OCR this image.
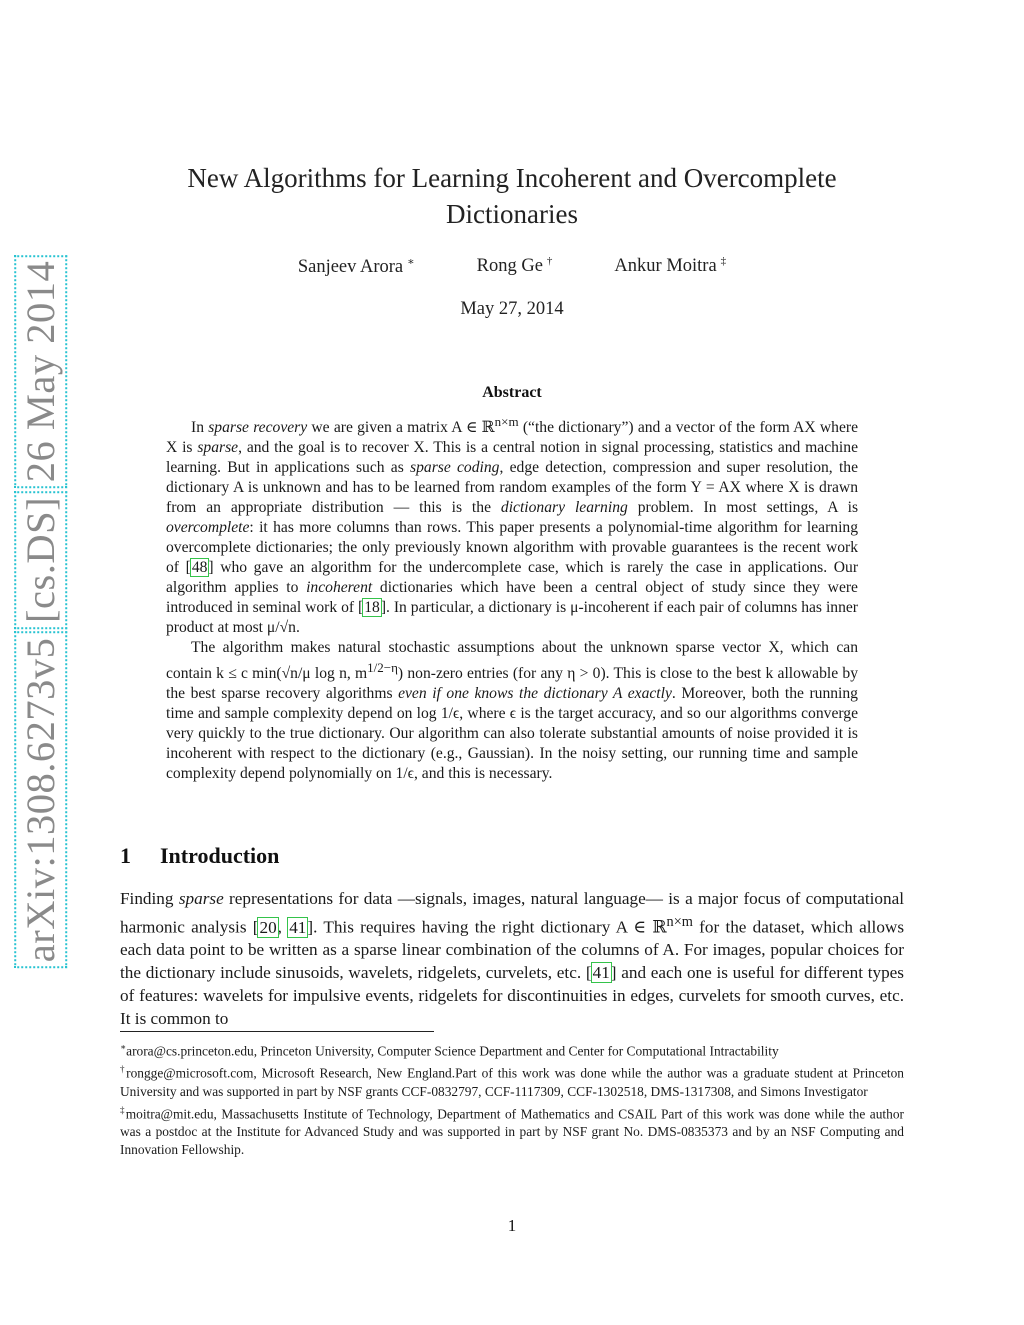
arXiv:1308.6273v5 [cs.DS] 26 May 2014
New Algorithms for Learning Incoherent and Overcomplete Dictionaries
Sanjeev Arora ∗	Rong Ge †	Ankur Moitra ‡
May 27, 2014
Abstract

In sparse recovery we are given a matrix A ∈ ℝ$^{n\times m}$ (“the dictionary”) and a vector of the form AX where X is sparse, and the goal is to recover X. This is a central notion in signal processing, statistics and machine learning. But in applications such as sparse coding, edge detection, compression and super resolution, the dictionary A is unknown and has to be learned from random examples of the form Y = AX where X is drawn from an appropriate distribution — this is the dictionary learning problem. In most settings, A is overcomplete: it has more columns than rows. This paper presents a polynomial-time algorithm for learning overcomplete dictionaries; the only previously known algorithm with provable guarantees is the recent work of [48] who gave an algorithm for the undercomplete case, which is rarely the case in applications. Our algorithm applies to incoherent dictionaries which have been a central object of study since they were introduced in seminal work of [18]. In particular, a dictionary is μ-incoherent if each pair of columns has inner product at most μ/√n.

The algorithm makes natural stochastic assumptions about the unknown sparse vector X, which can contain k ≤ c min(√n/μ log n, $m^{1/2-\eta}$) non-zero entries (for any η > 0). This is close to the best k allowable by the best sparse recovery algorithms even if one knows the dictionary A exactly. Moreover, both the running time and sample complexity depend on log 1/ϵ, where ϵ is the target accuracy, and so our algorithms converge very quickly to the true dictionary. Our algorithm can also tolerate substantial amounts of noise provided it is incoherent with respect to the dictionary (e.g., Gaussian). In the noisy setting, our running time and sample complexity depend polynomially on 1/ϵ, and this is necessary.

1 Introduction

Finding sparse representations for data —signals, images, natural language— is a major focus of computational harmonic analysis [20, 41]. This requires having the right dictionary A ∈ ℝ$^{n\times m}$ for the dataset, which allows each data point to be written as a sparse linear combination of the columns of A. For images, popular choices for the dictionary include sinusoids, wavelets, ridgelets, curvelets, etc. [41] and each one is useful for different types of features: wavelets for impulsive events, ridgelets for discontinuities in edges, curvelets for smooth curves, etc. It is common to

∗arora@cs.princeton.edu, Princeton University, Computer Science Department and Center for Computational Intractability

†rongge@microsoft.com, Microsoft Research, New England.Part of this work was done while the author was a graduate student at Princeton University and was supported in part by NSF grants CCF-0832797, CCF-1117309, CCF-1302518, DMS-1317308, and Simons Investigator

‡moitra@mit.edu, Massachusetts Institute of Technology, Department of Mathematics and CSAIL Part of this work was done while the author was a postdoc at the Institute for Advanced Study and was supported in part by NSF grant No. DMS-0835373 and by an NSF Computing and Innovation Fellowship.

1
